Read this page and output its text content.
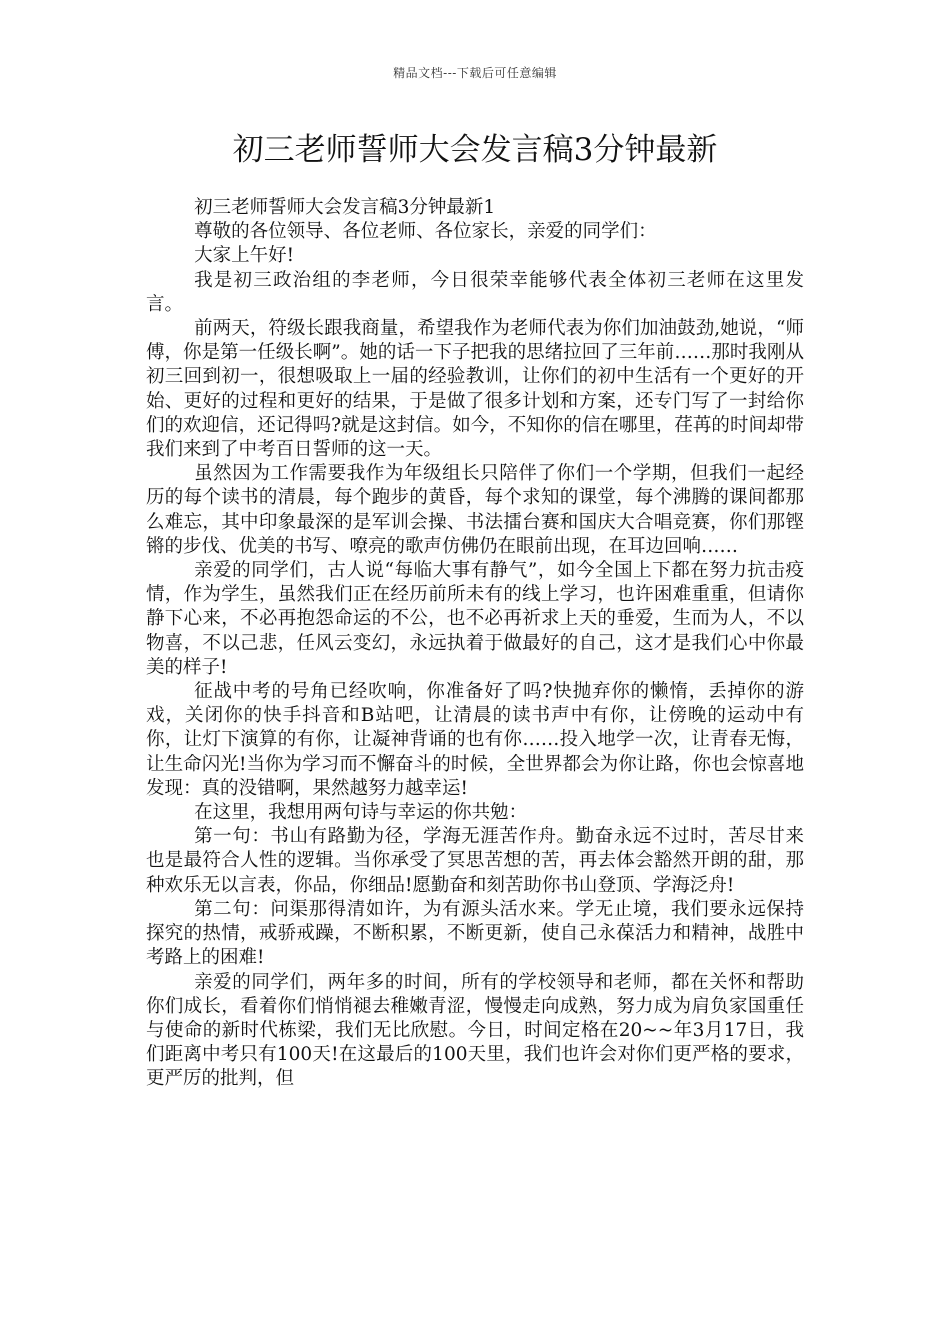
精品文档---下载后可任意编辑
初三老师誓师大会发言稿3分钟最新

初三老师誓师大会发言稿3分钟最新1

尊敬的各位领导、各位老师、各位家长，亲爱的同学们：

大家上午好!

我是初三政治组的李老师，今日很荣幸能够代表全体初三老师在这里发言。

前两天，符级长跟我商量，希望我作为老师代表为你们加油鼓劲,她说，“师傅，你是第一任级长啊”。她的话一下子把我的思绪拉回了三年前……那时我刚从初三回到初一，很想吸取上一届的经验教训，让你们的初中生活有一个更好的开始、更好的过程和更好的结果，于是做了很多计划和方案，还专门写了一封给你们的欢迎信，还记得吗?就是这封信。如今，不知你的信在哪里，荏苒的时间却带我们来到了中考百日誓师的这一天。

虽然因为工作需要我作为年级组长只陪伴了你们一个学期，但我们一起经历的每个读书的清晨，每个跑步的黄昏，每个求知的课堂，每个沸腾的课间都那么难忘，其中印象最深的是军训会操、书法擂台赛和国庆大合唱竞赛，你们那铿锵的步伐、优美的书写、嘹亮的歌声仿佛仍在眼前出现，在耳边回响……

亲爱的同学们，古人说“每临大事有静气”，如今全国上下都在努力抗击疫情，作为学生，虽然我们正在经历前所未有的线上学习，也许困难重重，但请你静下心来，不必再抱怨命运的不公，也不必再祈求上天的垂爱，生而为人，不以物喜，不以己悲，任风云变幻，永远执着于做最好的自己，这才是我们心中你最美的样子!

征战中考的号角已经吹响，你准备好了吗?快抛弃你的懒惰，丢掉你的游戏，关闭你的快手抖音和B站吧，让清晨的读书声中有你，让傍晚的运动中有你，让灯下演算的有你，让凝神背诵的也有你……投入地学一次，让青春无悔，让生命闪光!当你为学习而不懈奋斗的时候，全世界都会为你让路，你也会惊喜地发现：真的没错啊，果然越努力越幸运!

在这里，我想用两句诗与幸运的你共勉：

第一句：书山有路勤为径，学海无涯苦作舟。勤奋永远不过时，苦尽甘来也是最符合人性的逻辑。当你承受了冥思苦想的苦，再去体会豁然开朗的甜，那种欢乐无以言表，你品，你细品!愿勤奋和刻苦助你书山登顶、学海泛舟!

第二句：问渠那得清如许，为有源头活水来。学无止境，我们要永远保持探究的热情，戒骄戒躁，不断积累，不断更新，使自己永葆活力和精神，战胜中考路上的困难!

亲爱的同学们，两年多的时间，所有的学校领导和老师，都在关怀和帮助你们成长，看着你们悄悄褪去稚嫩青涩，慢慢走向成熟，努力成为肩负家国重任与使命的新时代栋梁，我们无比欣慰。今日，时间定格在20~~年3月17日，我们距离中考只有100天!在这最后的100天里，我们也许会对你们更严格的要求，更严厉的批判，但
